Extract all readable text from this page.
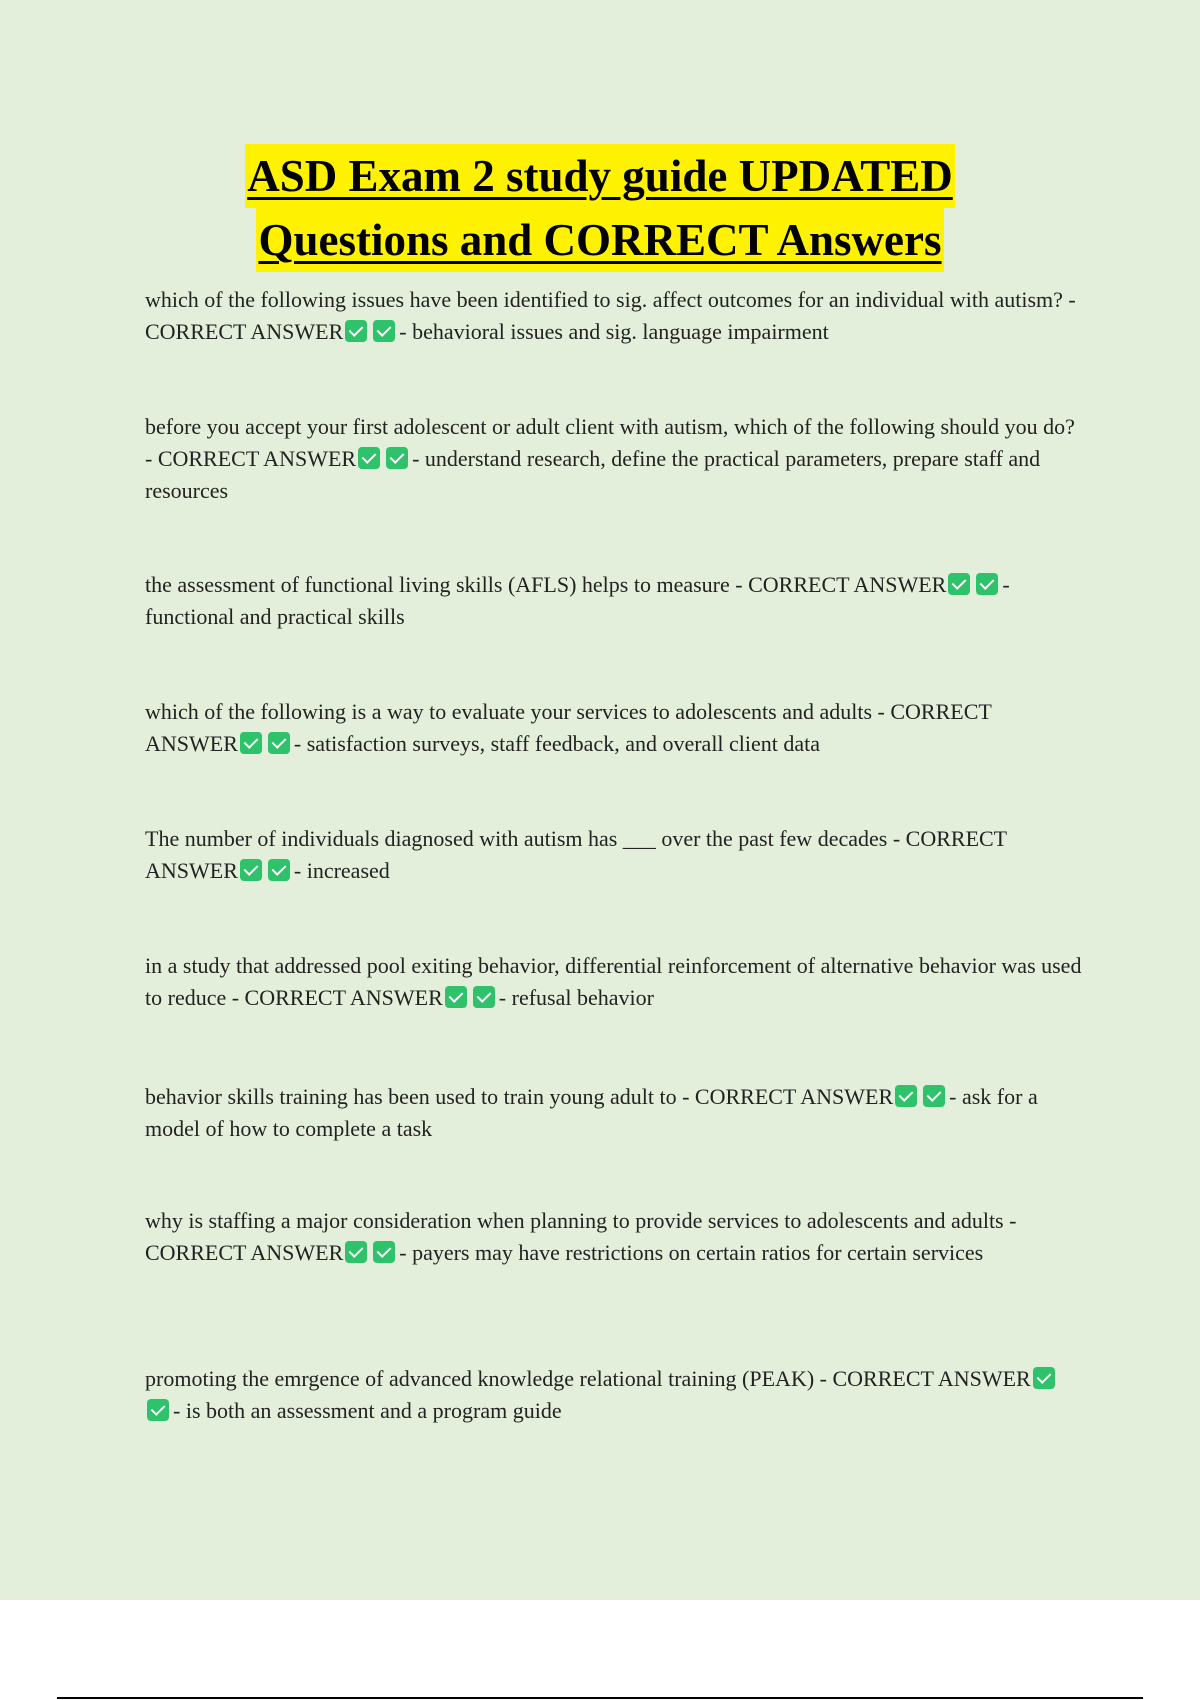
ASD Exam 2 study guide UPDATED
Questions and CORRECT Answers

which of the following issues have been identified to sig. affect outcomes for an individual with autism? - CORRECT ANSWER	- behavioral issues and sig. language impairment

before you accept your first adolescent or adult client with autism, which of the following should you do? - CORRECT ANSWER	- understand research, define the practical parameters, prepare staff and resources

the assessment of functional living skills (AFLS) helps to measure - CORRECT ANSWER	- functional and practical skills

which of the following is a way to evaluate your services to adolescents and adults - CORRECT ANSWER	- satisfaction surveys, staff feedback, and overall client data

The number of individuals diagnosed with autism has ___ over the past few decades - CORRECT ANSWER	- increased

in a study that addressed pool exiting behavior, differential reinforcement of alternative behavior was used to reduce - CORRECT ANSWER	- refusal behavior

behavior skills training has been used to train young adult to - CORRECT ANSWER	- ask for a model of how to complete a task

why is staffing a major consideration when planning to provide services to adolescents and adults - CORRECT ANSWER	- payers may have restrictions on certain ratios for certain services

promoting the emrgence of advanced knowledge relational training (PEAK) - CORRECT ANSWER- is both an assessment and a program guide
